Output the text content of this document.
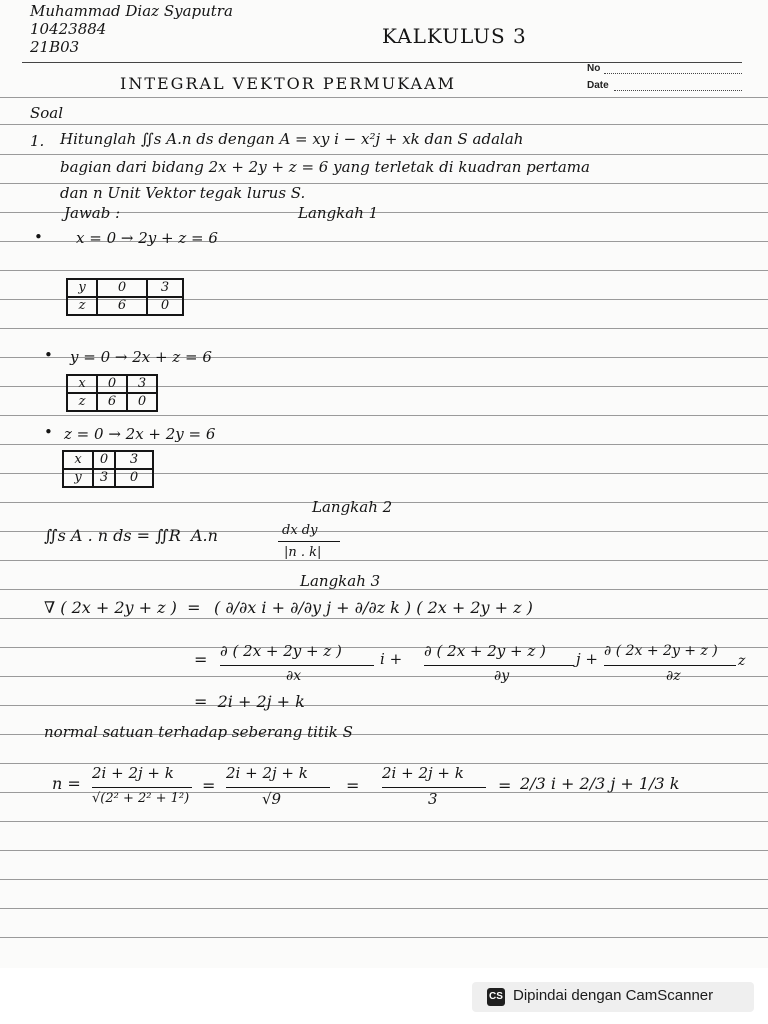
Muhammad Diaz Syaputra
10423884
21B03	KALKULUS 3
INTEGRAL VEKTOR PERMUKAAM
No
Date
Soal
1. Hitunglah ∬s A.n ds dengan A = xy i − x²j + xk dan S adalah
bagian dari bidang 2x + 2y + z = 6 yang terletak di kuadran pertama
dan n Unit Vektor tegak lurus S.
Jawab :	Langkah 1
• x = 0 → 2y + z = 6
y	0	3
z	6	0
• y = 0 → 2x + z = 6
x	0	3
z	6	0
• z = 0 → 2x + 2y = 6
x	0	3
y	3	0
Langkah 2
∬s A . n ds = ∬R  A.n	dx dy
|n . k|
Langkah 3
∇ ( 2x + 2y + z )  = ( ∂/∂x i + ∂/∂y j + ∂/∂z k ) ( 2x + 2y + z )
= ∂ ( 2x + 2y + z )
∂x
i + ∂ ( 2x + 2y + z )
∂y
j + ∂ ( 2x + 2y + z )
∂z
z
=  2i + 2j + k
normal satuan terhadap seberang titik S
n =
2i + 2j + k
√(2² + 2² + 1²)
=
2i + 2j + k
√9
=
2i + 2j + k
3
= 2/3 i + 2/3 j + 1/3 k
CS Dipindai dengan CamScanner
